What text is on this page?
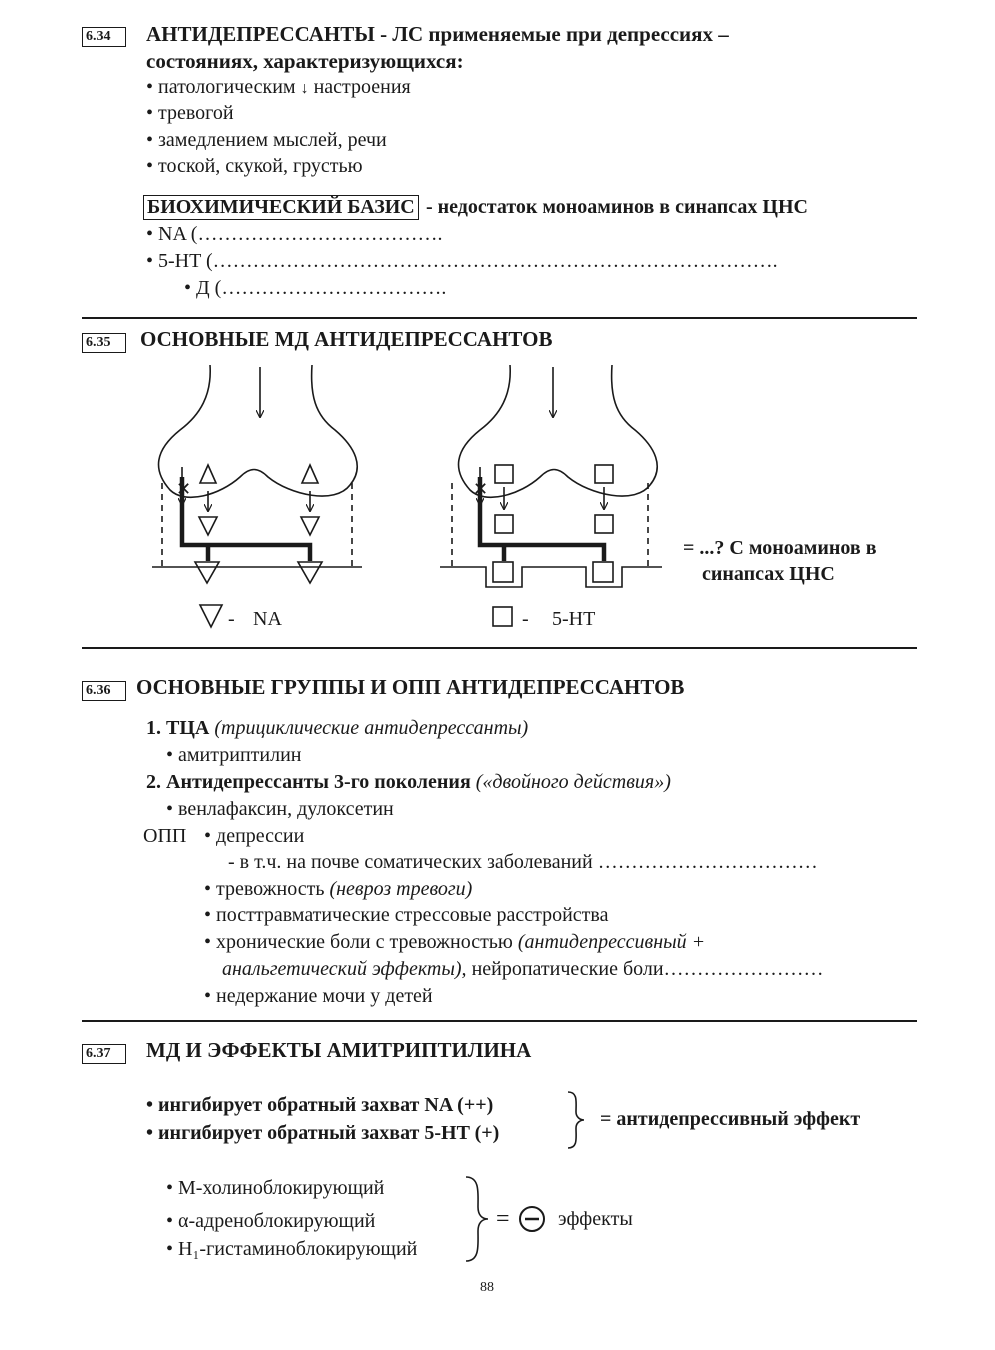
6.34	АНТИДЕПРЕССАНТЫ - ЛС применяемые при депрессиях –
состояниях, характеризующихся:
• патологическим ↓ настроения
• тревогой
• замедлением мыслей, речи
• тоской, скукой, грустью
БИОХИМИЧЕСКИЙ БАЗИС - недостаток моноаминов в синапсах ЦНС
• NA (……………………………….
• 5-HT (………………………………………………………………………….
• Д (…………………………….
6.35	ОСНОВНЫЕ МД АНТИДЕПРЕССАНТОВ
✕	✕
- NA	- 5-HT
= ...? С моноаминов в
синапсах ЦНС
6.36	ОСНОВНЫЕ ГРУППЫ И ОПП АНТИДЕПРЕССАНТОВ
1. ТЦА (трициклические антидепрессанты)
• амитриптилин
2. Антидепрессанты 3-го поколения («двойного действия»)
• венлафаксин, дулоксетин
ОПП
•	депрессии
- в т.ч. на почве соматических заболеваний ……………………………
• тревожность (невроз тревоги)
• посттравматические стрессовые расстройства
• хронические боли с тревожностью (антидепрессивный +
анальгетический эффекты), нейропатические боли……………………
• недержание мочи у детей
6.37	МД И ЭФФЕКТЫ АМИТРИПТИЛИНА
• ингибирует обратный захват NA (++)
• ингибирует обратный захват 5-HT (+)
= антидепрессивный эффект
• М-холиноблокирующий
• α-адреноблокирующий
• Н₁-гистаминоблокирующий
= эффекты
88
